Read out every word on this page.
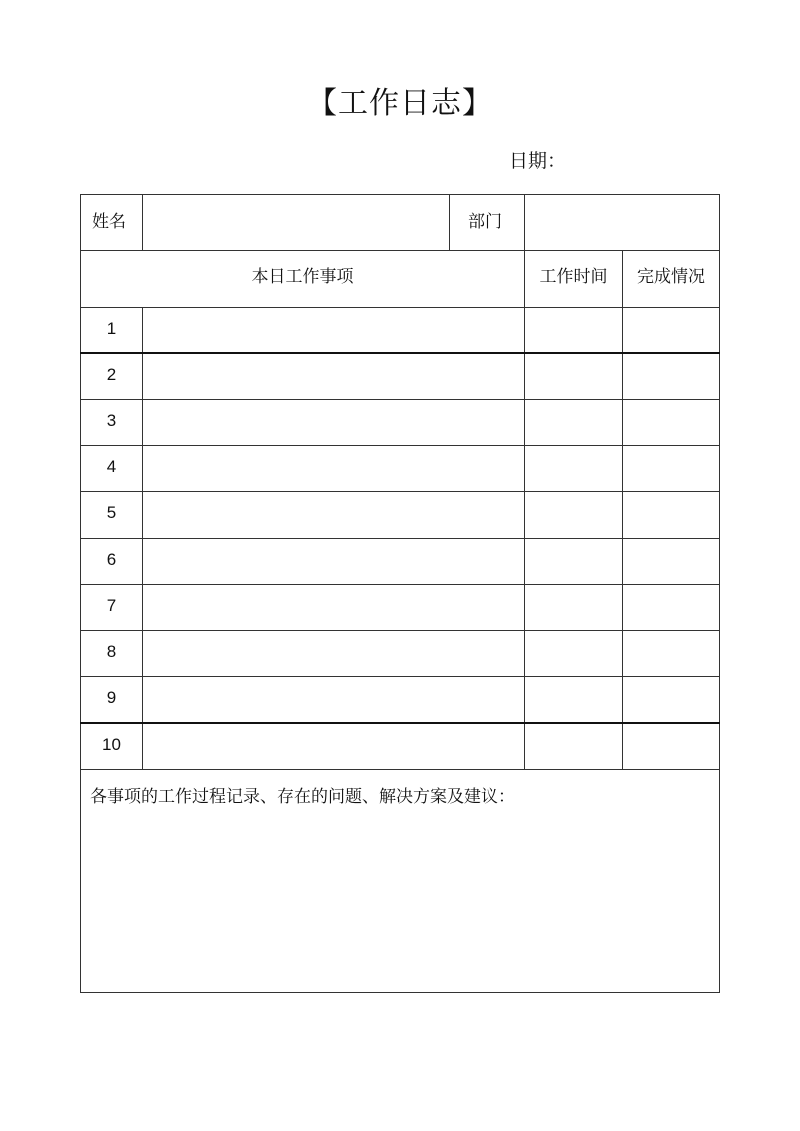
【工作日志】
日期：
姓名		部门		
本日工作事项			工作时间	完成情况
1				
2				
3				
4				
5				
6				
7				
8				
9				
10				

各事项的工作过程记录、存在的问题、解决方案及建议：				
